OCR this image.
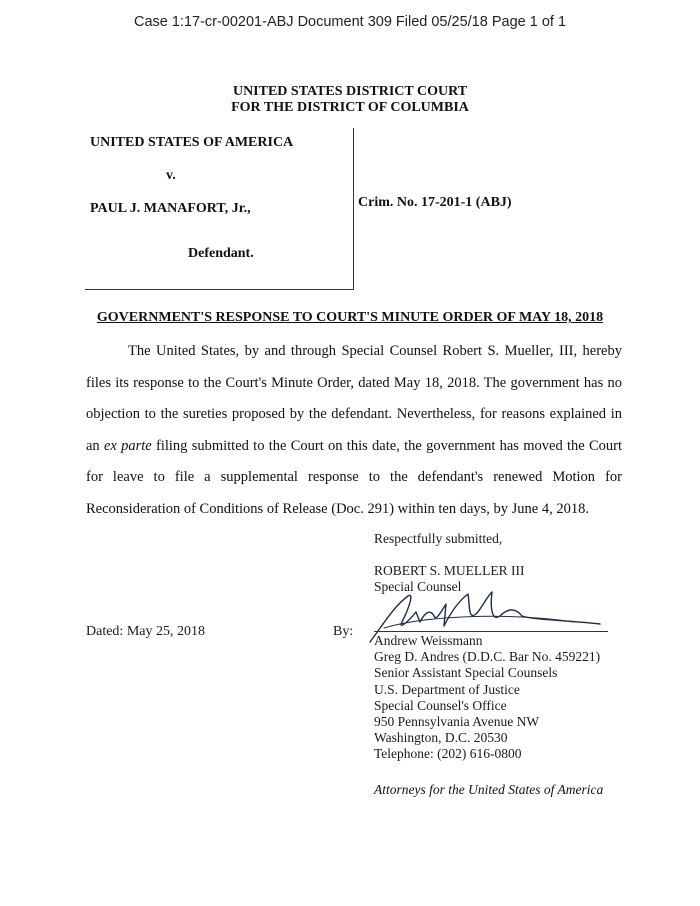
Case 1:17-cr-00201-ABJ Document 309 Filed 05/25/18 Page 1 of 1
UNITED STATES DISTRICT COURT
FOR THE DISTRICT OF COLUMBIA
UNITED STATES OF AMERICA
v.
PAUL J. MANAFORT, Jr.,
Defendant.
Crim. No. 17-201-1 (ABJ)
GOVERNMENT'S RESPONSE TO COURT'S MINUTE ORDER OF MAY 18, 2018

The United States, by and through Special Counsel Robert S. Mueller, III, hereby files its response to the Court's Minute Order, dated May 18, 2018. The government has no objection to the sureties proposed by the defendant. Nevertheless, for reasons explained in an ex parte filing submitted to the Court on this date, the government has moved the Court for leave to file a supplemental response to the defendant's renewed Motion for Reconsideration of Conditions of Release (Doc. 291) within ten days, by June 4, 2018.

Respectfully submitted,
ROBERT S. MUELLER III
Special Counsel
Dated: May 25, 2018	By:
Andrew Weissmann
Greg D. Andres (D.D.C. Bar No. 459221)
Senior Assistant Special Counsels
U.S. Department of Justice
Special Counsel's Office
950 Pennsylvania Avenue NW
Washington, D.C. 20530
Telephone: (202) 616-0800
Attorneys for the United States of America
